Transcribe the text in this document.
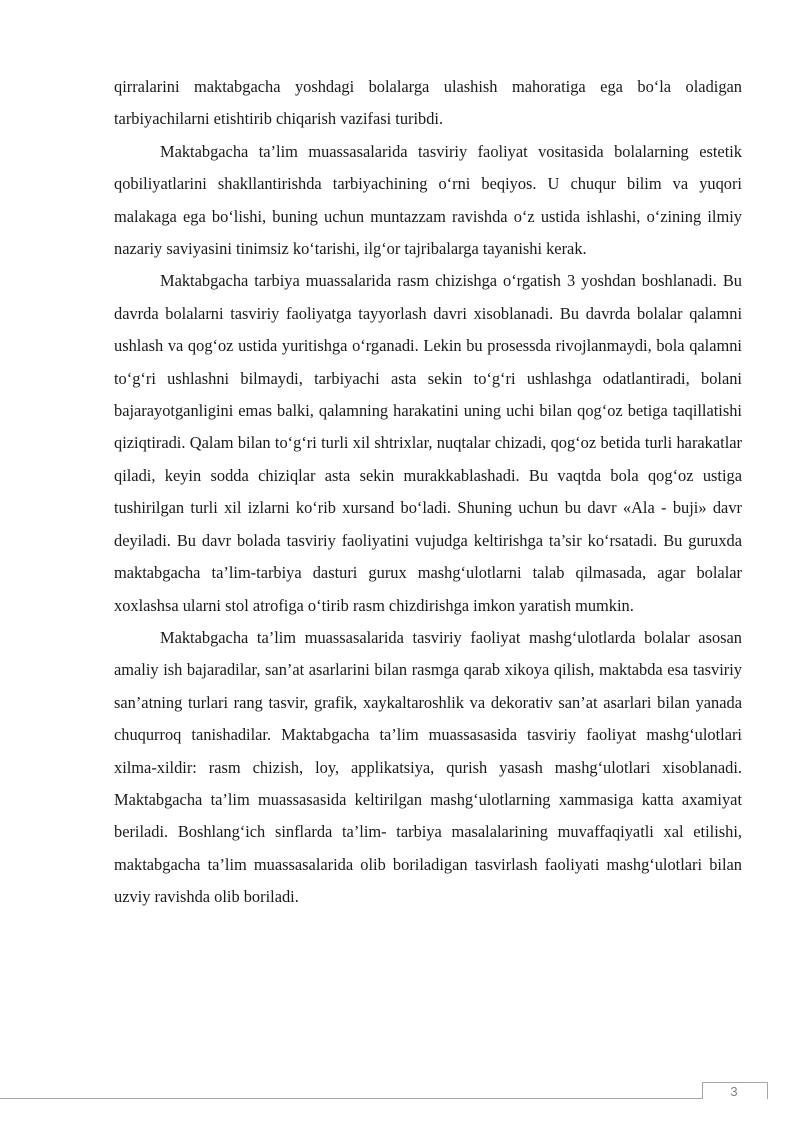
qirralarini maktabgacha yoshdagi bolalarga ulashish mahoratiga ega bo‘la oladigan tarbiyachilarni etishtirib chiqarish vazifasi turibdi.

Maktabgacha ta’lim muassasalarida tasviriy faoliyat vositasida bolalarning estetik qobiliyatlarini shakllantirishda tarbiyachining o‘rni beqiyos. U chuqur bilim va yuqori malakaga ega bo‘lishi, buning uchun muntazzam ravishda o‘z ustida ishlashi, o‘zining ilmiy nazariy saviyasini tinimsiz ko‘tarishi, ilg‘or tajribalarga tayanishi kerak.

Maktabgacha tarbiya muassalarida rasm chizishga o‘rgatish 3 yoshdan boshlanadi. Bu davrda bolalarni tasviriy faoliyatga tayyorlash davri xisoblanadi. Bu davrda bolalar qalamni ushlash va qog‘oz ustida yuritishga o‘rganadi. Lekin bu prosessda rivojlanmaydi, bola qalamni to‘g‘ri ushlashni bilmaydi, tarbiyachi asta sekin to‘g‘ri ushlashga odatlantiradi, bolani bajarayotganligini emas balki, qalamning harakatini uning uchi bilan qog‘oz betiga taqillatishi qiziqtiradi. Qalam bilan to‘g‘ri turli xil shtrixlar, nuqtalar chizadi, qog‘oz betida turli harakatlar qiladi, keyin sodda chiziqlar asta sekin murakkablashadi. Bu vaqtda bola qog‘oz ustiga tushirilgan turli xil izlarni ko‘rib xursand bo‘ladi. Shuning uchun bu davr «Ala - buji» davr deyiladi. Bu davr bolada tasviriy faoliyatini vujudga keltirishga ta’sir ko‘rsatadi. Bu guruxda maktabgacha ta’lim-tarbiya dasturi gurux mashg‘ulotlarni talab qilmasada, agar bolalar xoxlashsa ularni stol atrofiga o‘tirib rasm chizdirishga imkon yaratish mumkin.

Maktabgacha ta’lim muassasalarida tasviriy faoliyat mashg‘ulotlarda bolalar asosan amaliy ish bajaradilar, san’at asarlarini bilan rasmga qarab xikoya qilish, maktabda esa tasviriy san’atning turlari rang tasvir, grafik, xaykaltaroshlik va dekorativ san’at asarlari bilan yanada chuqurroq tanishadilar. Maktabgacha ta’lim muassasasida tasviriy faoliyat mashg‘ulotlari xilma-xildir: rasm chizish, loy, applikatsiya, qurish yasash mashg‘ulotlari xisoblanadi. Maktabgacha ta’lim muassasasida keltirilgan mashg‘ulotlarning xammasiga katta axamiyat beriladi. Boshlang‘ich sinflarda ta’lim- tarbiya masalalarining muvaffaqiyatli xal etilishi, maktabgacha ta’lim muassasalarida olib boriladigan tasvirlash faoliyati mashg‘ulotlari bilan uzviy ravishda olib boriladi.

3
